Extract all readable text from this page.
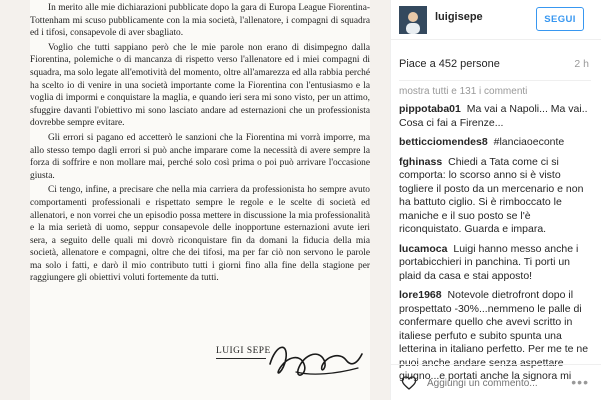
In merito alle mie dichiarazioni pubblicate dopo la gara di Europa League Fiorentina-Tottenham mi scuso pubblicamente con la mia società, l'allenatore, i compagni di squadra ed i tifosi, consapevole di aver sbagliato.

Voglio che tutti sappiano però che le mie parole non erano di disimpegno dalla Fiorentina, polemiche o di mancanza di rispetto verso l'allenatore ed i miei compagni di squadra, ma solo legate all'emotività del momento, oltre all'amarezza ed alla rabbia perché ha scelto io di venire in una società importante come la Fiorentina con l'entusiasmo e la voglia di impormi e conquistare la maglia, e quando ieri sera mi sono visto, per un attimo, sfuggire davanti l'obiettivo mi sono lasciato andare ad esternazioni che un professionista dovrebbe sempre evitare.

Gli errori si pagano ed accetterò le sanzioni che la Fiorentina mi vorrà imporre, ma allo stesso tempo dagli errori si può anche imparare come la necessità di avere sempre la forza di soffrire e non mollare mai, perché solo così prima o poi può arrivare l'occasione giusta.

Ci tengo, infine, a precisare che nella mia carriera da professionista ho sempre avuto comportamenti professionali e rispettato sempre le regole e le scelte di società ed allenatori, e non vorrei che un episodio possa mettere in discussione la mia professionalità e la mia serietà di uomo, seppur consapevole delle inopportune esternazioni avute ieri sera, a seguito delle quali mi dovrò riconquistare fin da domani la fiducia della mia società, allenatore e compagni, oltre che dei tifosi, ma per far ciò non servono le parole ma solo i fatti, e darò il mio contributo tutti i giorni fino alla fine della stagione per raggiungere gli obiettivi voluti fortemente da tutti.

LUIGI SEPE
luigisepe	SEGUI
Piace a 452 persone	2 h
mostra tutti e 131 i commenti
pippotaba01 Ma vai a Napoli... Ma vai.. Cosa ci fai a Firenze...
betticciomendes8 #lanciaoeconte
fghinass Chiedi a Tata come ci si comporta: lo scorso anno si è visto togliere il posto da un mercenario e non ha battuto ciglio. Si è rimboccato le maniche e il suo posto se l'è riconquistato. Guarda e impara.
lucamoca Luigi hanno messo anche i portabicchieri in panchina. Ti porti un plaid da casa e stai apposto!
lore1968 Notevole dietrofront dopo il prospettato -30%...nemmeno le palle di confermare quello che avevi scritto in italiese perfuto e subito spunta una letterina in italiano perfetto. Per me te ne puoi anche andare senza aspettare giugno...e portati anche la signora mi
Aggiungi un commento... •••
